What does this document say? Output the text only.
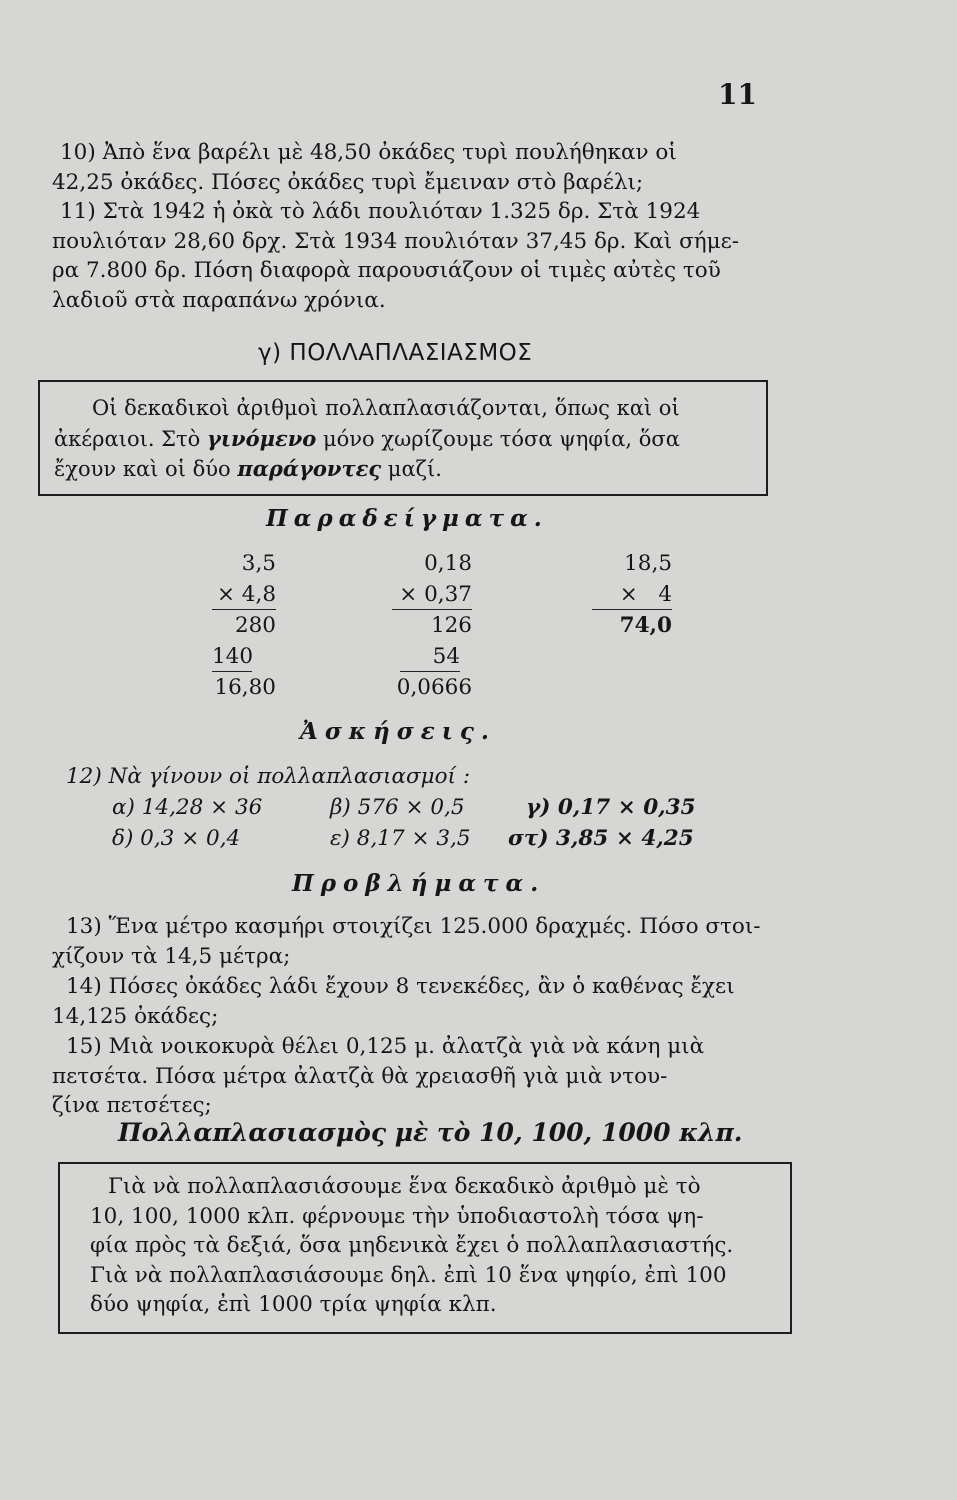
11
10) Ἀπὸ ἕνα βαρέλι μὲ 48,50 ὀκάδες τυρὶ πουλήθηκαν οἱ
42,25 ὀκάδες. Πόσες ὀκάδες τυρὶ ἔμειναν στὸ βαρέλι;
11) Στὰ 1942 ἡ ὀκὰ τὸ λάδι πουλιόταν 1.325 δρ. Στὰ 1924
πουλιόταν 28,60 δρχ. Στὰ 1934 πουλιόταν 37,45 δρ. Καὶ σήμε-
ρα 7.800 δρ. Πόση διαφορὰ παρουσιάζουν οἱ τιμὲς αὐτὲς τοῦ
λαδιοῦ στὰ παραπάνω χρόνια.
γ) ΠΟΛΛΑΠΛΑΣΙΑΣΜΟΣ
Οἱ δεκαδικοὶ ἀριθμοὶ πολλαπλασιάζονται, ὅπως καὶ οἱ
ἀκέραιοι. Στὸ γινόμενο μόνο χωρίζουμε τόσα ψηφία, ὅσα
ἔχουν καὶ οἱ δύο παράγοντες μαζί.
Παραδείγματα.
3,5
× 4,8
280
140
16,80
0,18
× 0,37
126
54
0,0666
18,5
×   4
74,0
Ἀσκήσεις.
12) Νὰ γίνουν οἱ πολλαπλασιασμοί :
α) 14,28 × 36	β) 576 × 0,5	γ) 0,17 × 0,35
δ) 0,3 × 0,4	ε) 8,17 × 3,5 στ) 3,85 × 4,25
Προβλήματα.
13) Ἕνα μέτρο κασμήρι στοιχίζει 125.000 δραχμές. Πόσο στοι-
χίζουν τὰ 14,5 μέτρα;
14) Πόσες ὀκάδες λάδι ἔχουν 8 τενεκέδες, ἂν ὁ καθένας ἔχει
14,125 ὀκάδες;
15) Μιὰ νοικοκυρὰ θέλει 0,125 μ. ἀλατζὰ γιὰ νὰ κάνη μιὰ
πετσέτα. Πόσα μέτρα ἀλατζὰ θὰ χρειασθῆ γιὰ μιὰ ντου-
ζίνα πετσέτες;
Πολλαπλασιασμὸς μὲ τὸ 10, 100, 1000 κλπ.
Γιὰ νὰ πολλαπλασιάσουμε ἕνα δεκαδικὸ ἀριθμὸ μὲ τὸ
10, 100, 1000 κλπ. φέρνουμε τὴν ὑποδιαστολὴ τόσα ψη-
φία πρὸς τὰ δεξιά, ὅσα μηδενικὰ ἔχει ὁ πολλαπλασιαστής.
Γιὰ νὰ πολλαπλασιάσουμε δηλ. ἐπὶ 10 ἕνα ψηφίο, ἐπὶ 100
δύο ψηφία, ἐπὶ 1000 τρία ψηφία κλπ.
